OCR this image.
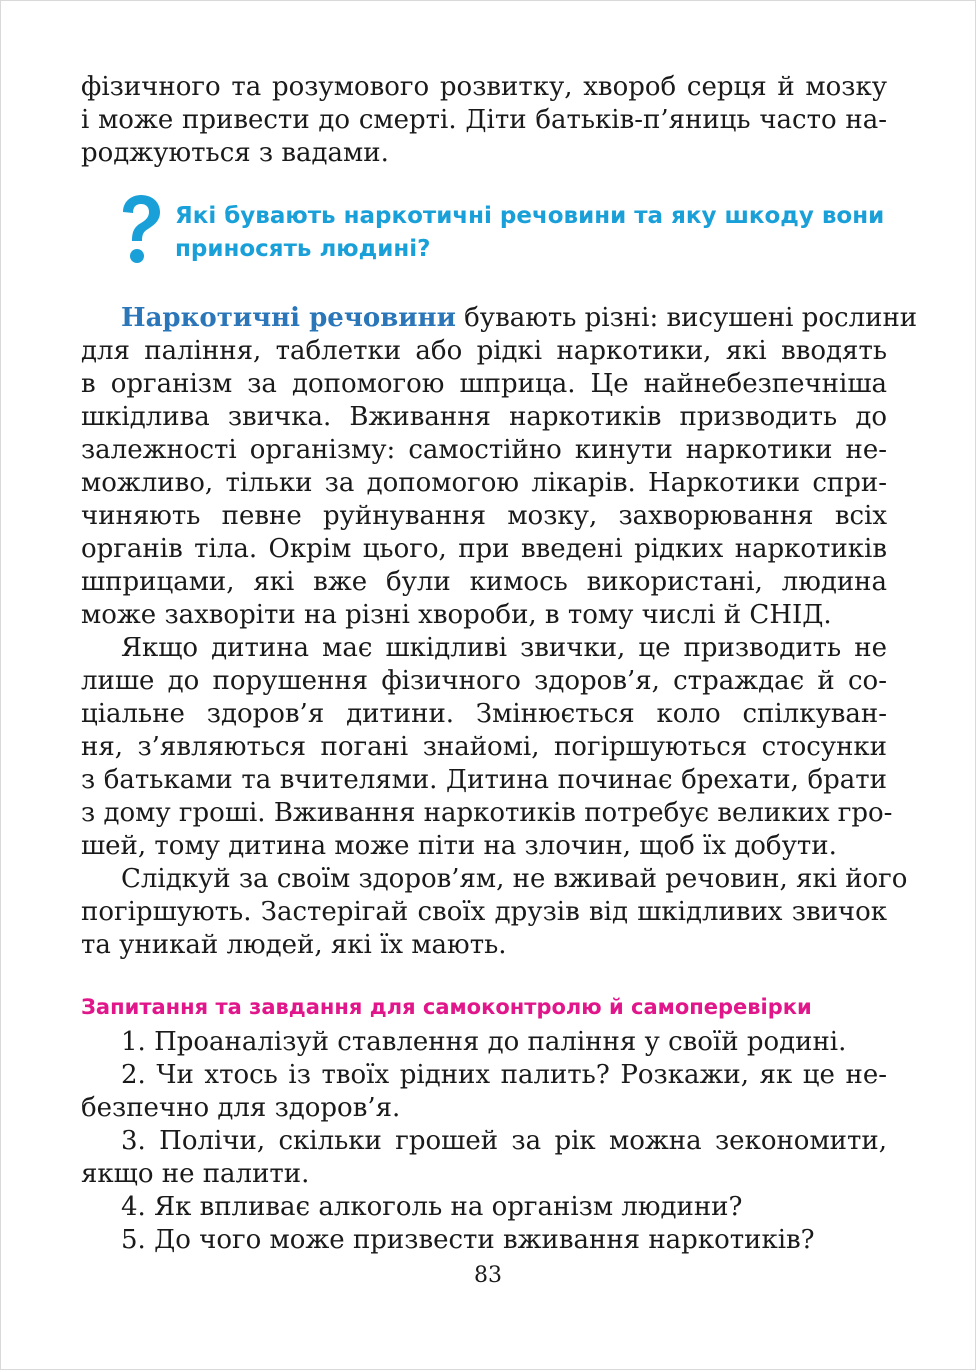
фізичного та розумового розвитку, хвороб серця й мозку
і може привести до смерті. Діти батьків-п’яниць часто на-
роджуються з вадами.

Які бувають наркотичні речовини та яку шкоду вони
приносять людині?

Наркотичні речовини бувають різні: висушені рослини
для паління, таблетки або рідкі наркотики, які вводять
в організм за допомогою шприца. Це найнебезпечніша
шкідлива звичка. Вживання наркотиків призводить до
залежності організму: самостійно кинути наркотики не-
можливо, тільки за допомогою лікарів. Наркотики спри-
чиняють певне руйнування мозку, захворювання всіх
органів тіла. Окрім цього, при введені рідких наркотиків
шприцами, які вже були кимось використані, людина
може захворіти на різні хвороби, в тому числі й СНІД.

Якщо дитина має шкідливі звички, це призводить не
лише до порушення фізичного здоров’я, страждає й со-
ціальне здоров’я дитини. Змінюється коло спілкуван-
ня, з’являються погані знайомі, погіршуються стосунки
з батьками та вчителями. Дитина починає брехати, брати
з дому гроші. Вживання наркотиків потребує великих гро-
шей, тому дитина може піти на злочин, щоб їх добути.

Слідкуй за своїм здоров’ям, не вживай речовин, які його
погіршують. Застерігай своїх друзів від шкідливих звичок
та уникай людей, які їх мають.

Запитання та завдання для самоконтролю й самоперевірки

1. Проаналізуй ставлення до паління у своїй родині.

2. Чи хтось із твоїх рідних палить? Розкажи, як це не-
безпечно для здоров’я.

3. Полічи, скільки грошей за рік можна зекономити,
якщо не палити.

4. Як впливає алкоголь на організм людини?

5. До чого може призвести вживання наркотиків?

83
